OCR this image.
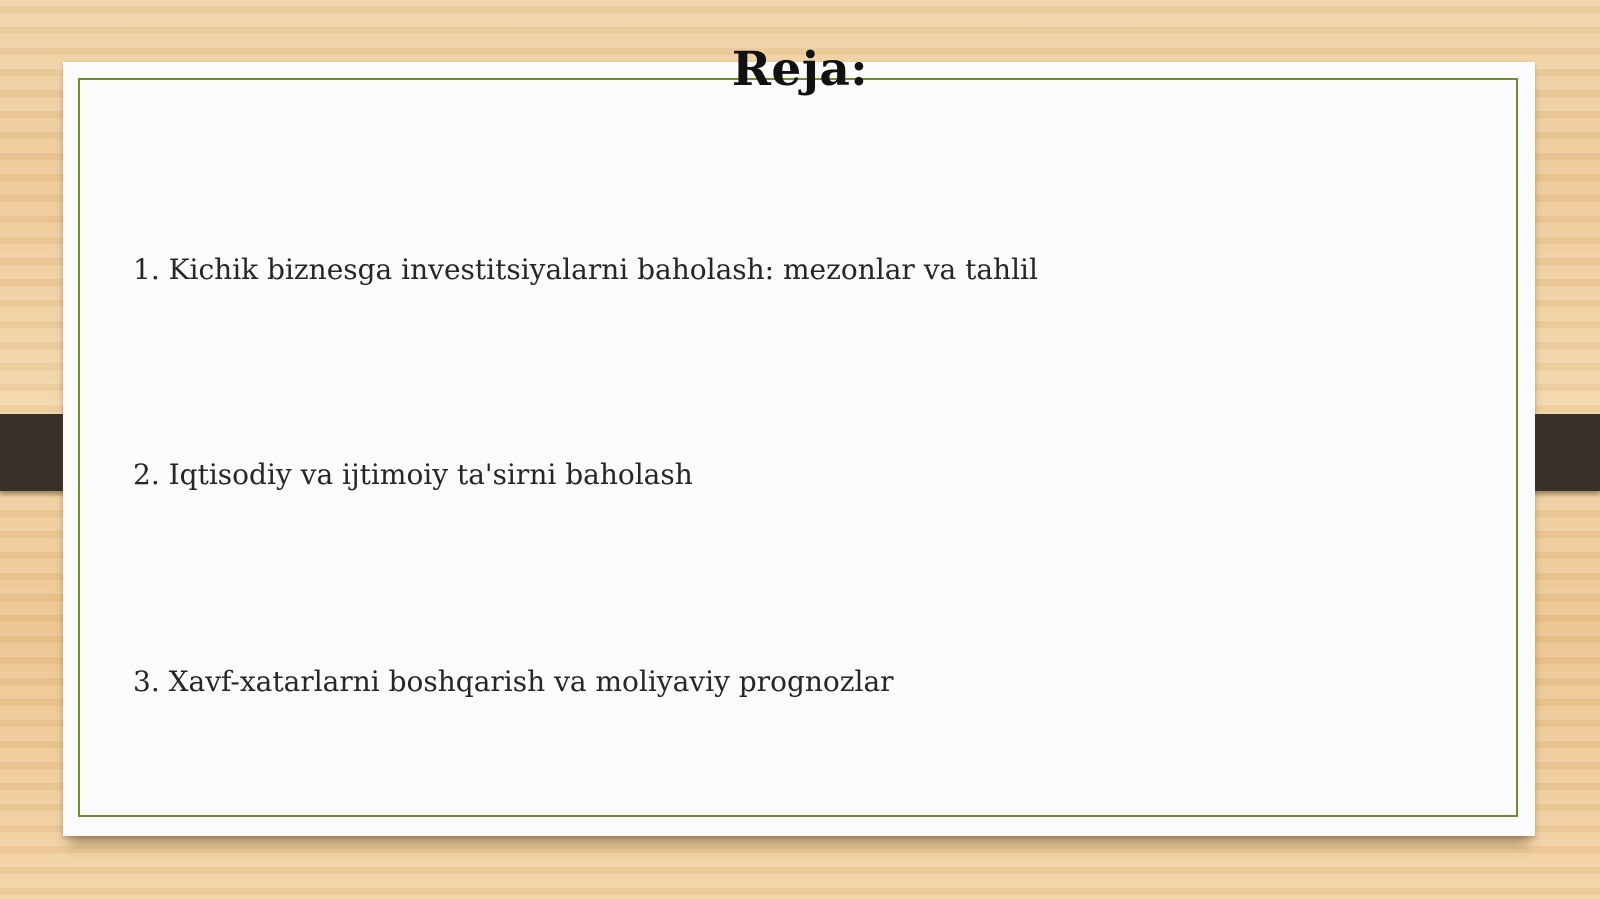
Reja:
1. Kichik biznesga investitsiyalarni baholash: mezonlar va tahlil
2. Iqtisodiy va ijtimoiy ta'sirni baholash
3. Xavf-xatarlarni boshqarish va moliyaviy prognozlar
